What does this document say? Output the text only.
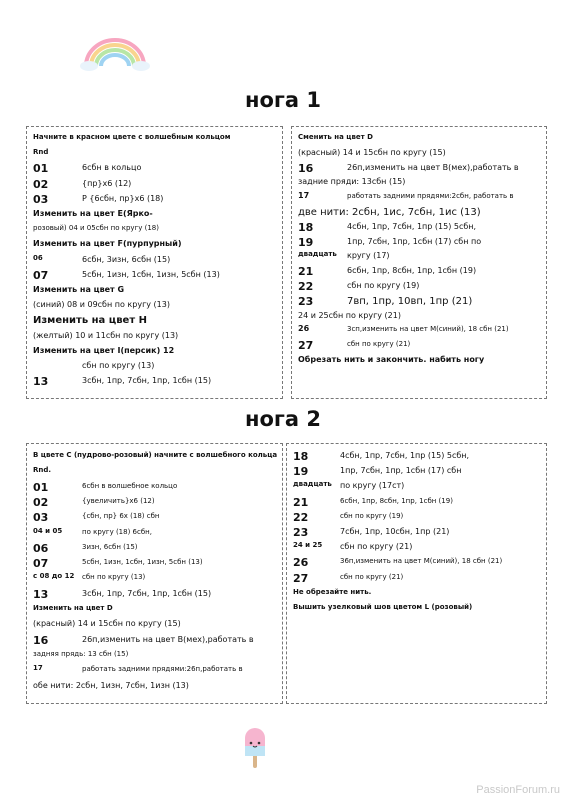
нога 1
нога 2
Начните в красном цвете с волшебным кольцом
Rnd
01	6сбн в кольцо
02	{пр}х6 (12)
03	Р {6сбн, пр}х6 (18)
Изменить на цвет Е(Ярко-
розовый) 04 и 05сбн по кругу (18)
Изменить на цвет F(пурпурный)
06	6сбн, 3изн, 6сбн (15)
07	5сбн, 1изн, 1сбн, 1изн, 5сбн (13)
Изменить на цвет G
(синий) 08 и 09сбн по кругу (13)
Изменить на цвет H
(желтый) 10 и 11сбн по кругу (13)
Изменить на цвет I(персик) 12
сбн по кругу (13)
13	3сбн, 1пр, 7сбн, 1пр, 1сбн (15)
Сменить на цвет D
(красный) 14 и 15сбн по кругу (15)
16	26п,изменить на цвет В(мех),работать в
задние пряди: 13сбн (15)
17	работать задними прядями:2сбн, работать в
две нити: 2сбн, 1ис, 7сбн, 1ис (13)
18	4сбн, 1пр, 7сбн, 1пр (15) 5сбн,
19	1пр, 7сбн, 1пр, 1сбн (17) сбн по
двадцать кругу (17)
21	6сбн, 1пр, 8сбн, 1пр, 1сбн (19)
22	сбн по кругу (19)
23	7вп, 1пр, 10вп, 1пр (21)
24 и 25сбн по кругу (21)
26	3сп,изменить на цвет М(синий), 18 сбн (21)
27	сбн по кругу (21)
Обрезать нить и закончить. набить ногу
В цвете С (пудрово-розовый) начните с волшебного кольца
Rnd.
01	6сбн в волшебное кольцо
02	{увеличить}х6 (12)
03	{сбн, пр} 6х (18) сбн
04 и 05	по кругу (18) 6сбн,
06	3изн, 6сбн (15)
07	5сбн, 1изн, 1сбн, 1изн, 5сбн (13)
с 08 до 12 сбн по кругу (13)
13	3сбн, 1пр, 7сбн, 1пр, 1сбн (15)
Изменить на цвет D
(красный) 14 и 15сбн по кругу (15)
16	26п,изменить на цвет В(мех),работать в
задняя прядь: 13 сбн (15)
17	работать задними прядями:26п,работать в
обе нити: 2сбн, 1изн, 7сбн, 1изн (13)
18	4сбн, 1пр, 7сбн, 1пр (15) 5сбн,
19	1пр, 7сбн, 1пр, 1сбн (17) сбн
двадцать по кругу (17ст)
21	6сбн, 1пр, 8сбн, 1пр, 1сбн (19)
22	сбн по кругу (19)
23	7сбн, 1пр, 10сбн, 1пр (21)
24 и 25 сбн по кругу (21)
26	36п,изменить на цвет М(синий), 18 сбн (21)
27	сбн по кругу (21)
Не обрезайте нить.
Вышить узелковый шов цветом L (розовый)
PassionForum.ru
